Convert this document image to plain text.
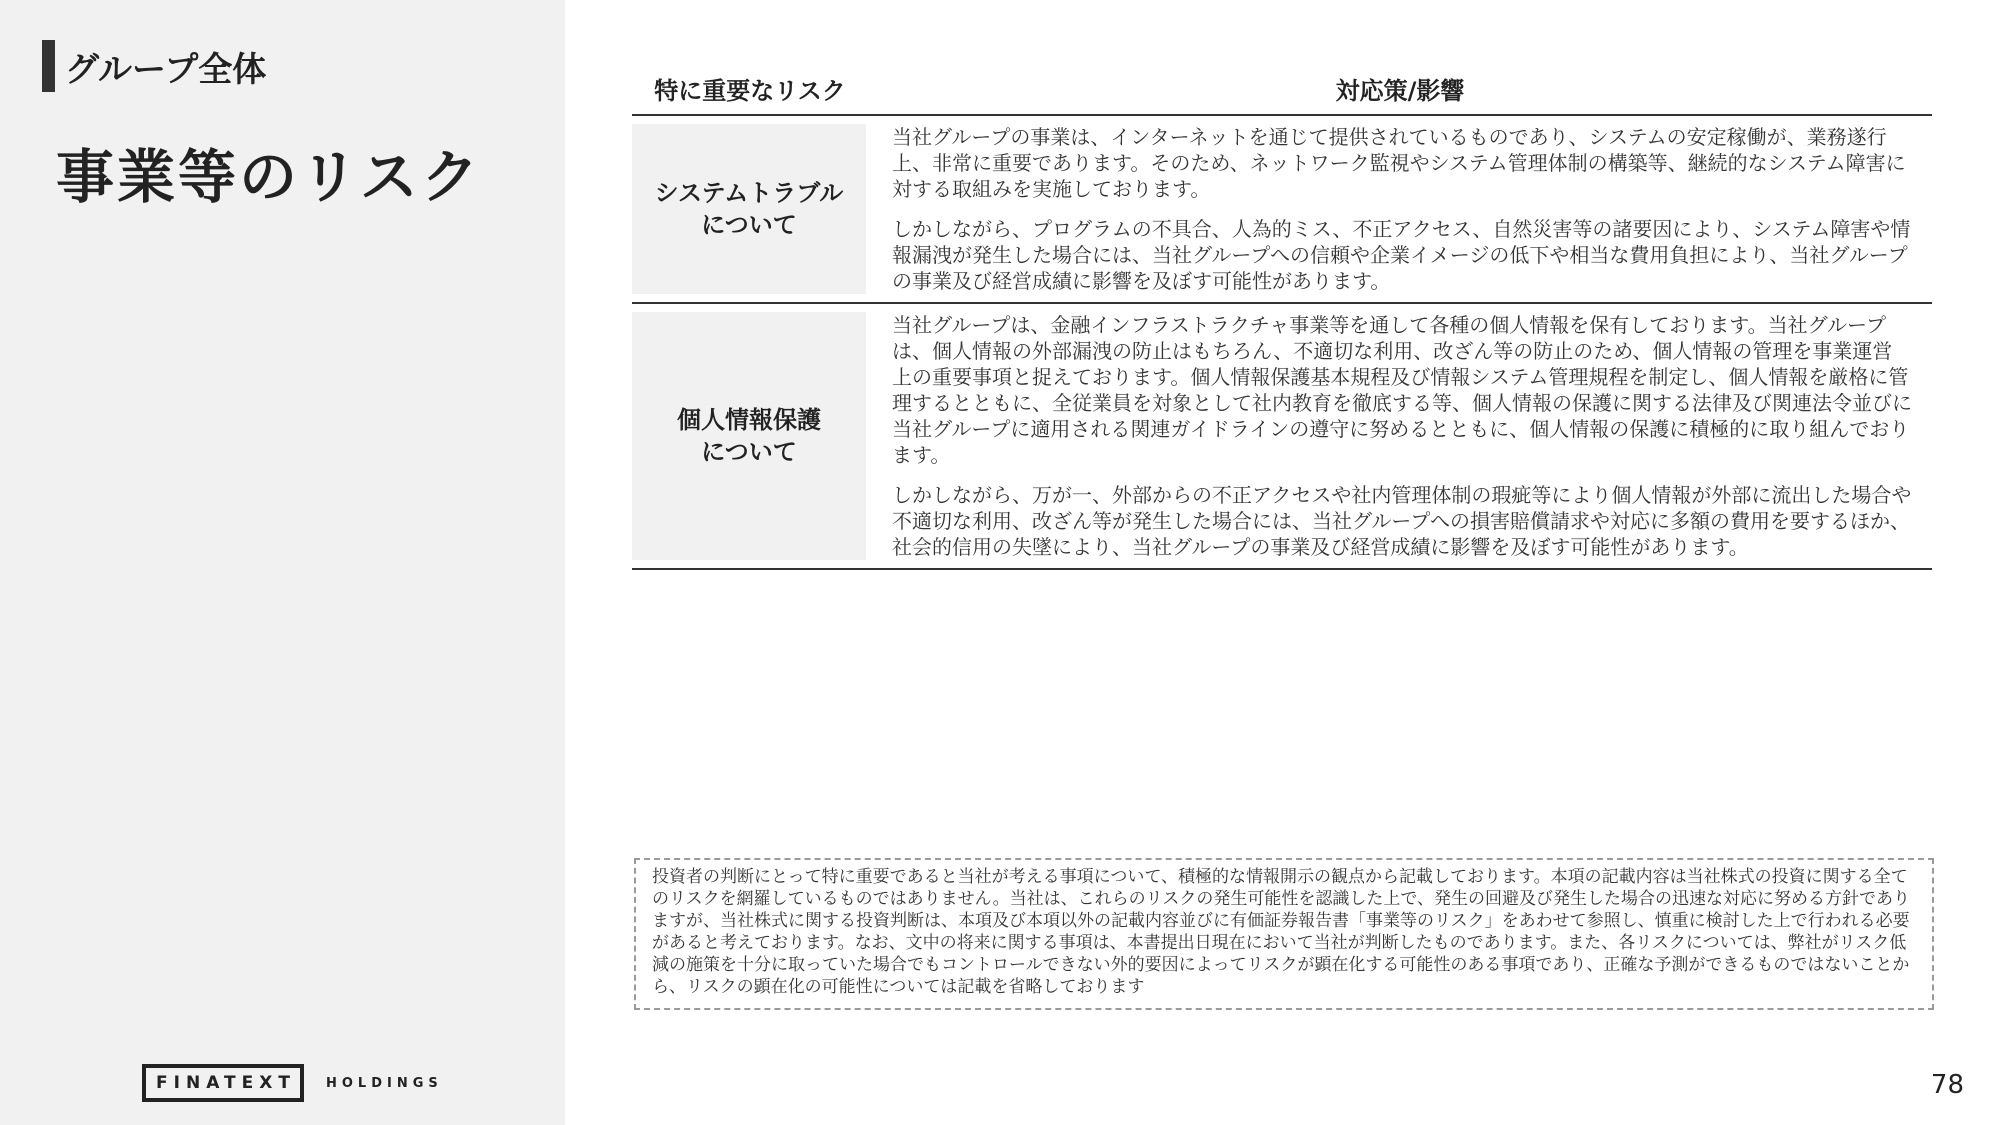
グループ全体
事業等のリスク
FINATEXT	HOLDINGS
特に重要なリスク	対応策/影響
システムトラブル
について

当社グループの事業は、インターネットを通じて提供されているものであり、システムの安定稼働が、業務遂行上、非常に重要であります。そのため、ネットワーク監視やシステム管理体制の構築等、継続的なシステム障害に対する取組みを実施しております。

しかしながら、プログラムの不具合、人為的ミス、不正アクセス、自然災害等の諸要因により、システム障害や情報漏洩が発生した場合には、当社グループへの信頼や企業イメージの低下や相当な費用負担により、当社グループの事業及び経営成績に影響を及ぼす可能性があります。

個人情報保護
について

当社グループは、金融インフラストラクチャ事業等を通して各種の個人情報を保有しております。当社グループは、個人情報の外部漏洩の防止はもちろん、不適切な利用、改ざん等の防止のため、個人情報の管理を事業運営上の重要事項と捉えております。個人情報保護基本規程及び情報システム管理規程を制定し、個人情報を厳格に管理するとともに、全従業員を対象として社内教育を徹底する等、個人情報の保護に関する法律及び関連法令並びに当社グループに適用される関連ガイドラインの遵守に努めるとともに、個人情報の保護に積極的に取り組んでおります。

しかしながら、万が一、外部からの不正アクセスや社内管理体制の瑕疵等により個人情報が外部に流出した場合や不適切な利用、改ざん等が発生した場合には、当社グループへの損害賠償請求や対応に多額の費用を要するほか、社会的信用の失墜により、当社グループの事業及び経営成績に影響を及ぼす可能性があります。

投資者の判断にとって特に重要であると当社が考える事項について、積極的な情報開示の観点から記載しております。本項の記載内容は当社株式の投資に関する全てのリスクを網羅しているものではありません。当社は、これらのリスクの発生可能性を認識した上で、発生の回避及び発生した場合の迅速な対応に努める方針でありますが、当社株式に関する投資判断は、本項及び本項以外の記載内容並びに有価証券報告書「事業等のリスク」をあわせて参照し、慎重に検討した上で行われる必要があると考えております。なお、文中の将来に関する事項は、本書提出日現在において当社が判断したものであります。また、各リスクについては、弊社がリスク低減の施策を十分に取っていた場合でもコントロールできない外的要因によってリスクが顕在化する可能性のある事項であり、正確な予測ができるものではないことから、リスクの顕在化の可能性については記載を省略しております
78
